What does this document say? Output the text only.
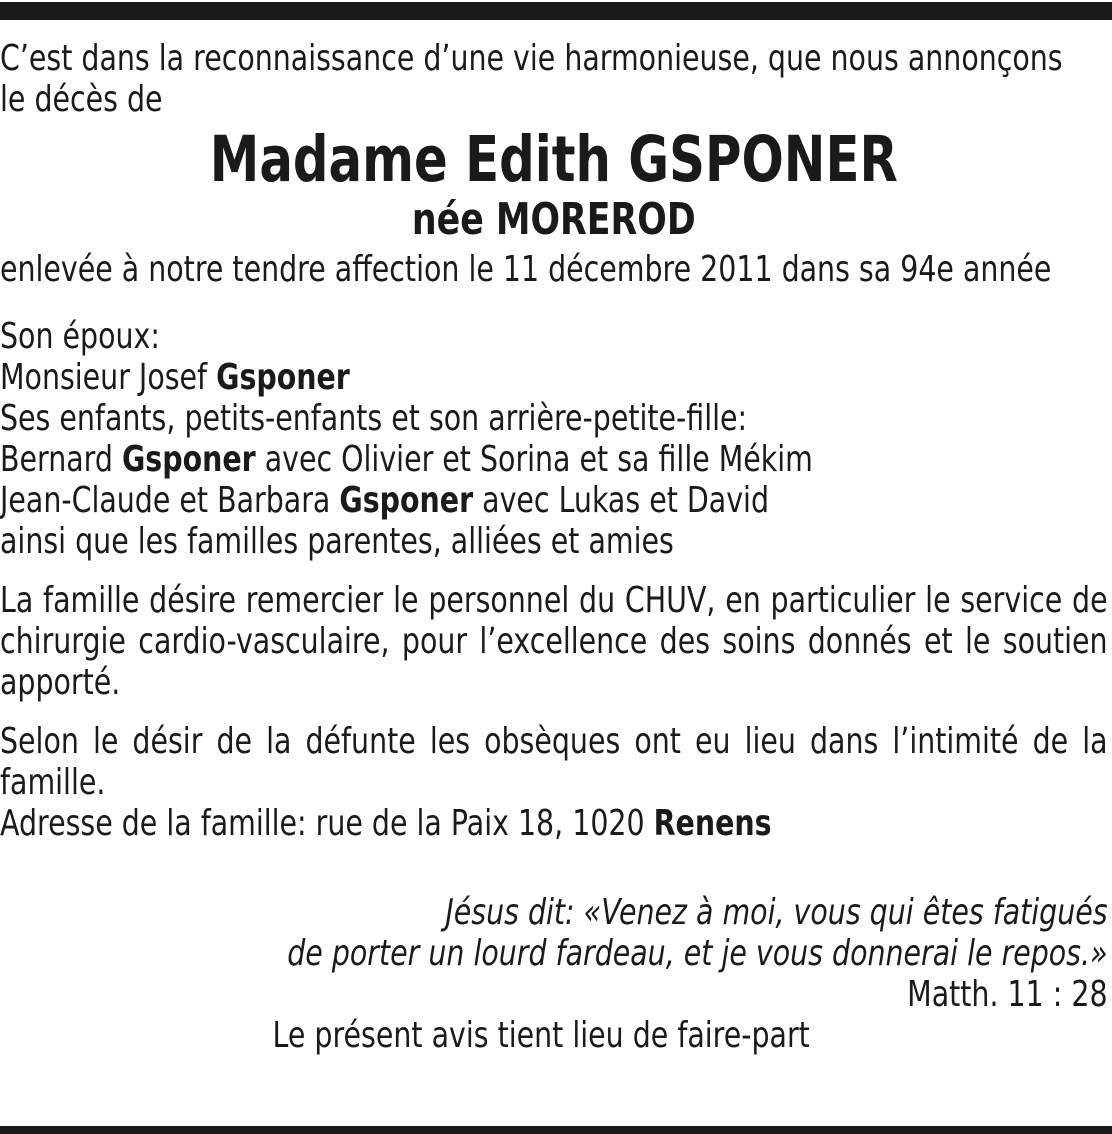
C’est dans la reconnaissance d’une vie harmonieuse, que nous annonçons
le décès de
Madame Edith GSPONER
née MOREROD
enlevée à notre tendre affection le 11 décembre 2011 dans sa 94e année
Son époux:
Monsieur Josef Gsponer
Ses enfants, petits-enfants et son arrière-petite-fille:
Bernard Gsponer avec Olivier et Sorina et sa fille Mékim
Jean-Claude et Barbara Gsponer avec Lukas et David
ainsi que les familles parentes, alliées et amies
La famille désire remercier le personnel du CHUV, en particulier le service de chirurgie cardio-vasculaire, pour l’excellence des soins donnés et le soutien apporté.
Selon le désir de la défunte les obsèques ont eu lieu dans l’intimité de la famille.
Adresse de la famille: rue de la Paix 18, 1020 Renens
Jésus dit: «Venez à moi, vous qui êtes fatigués
de porter un lourd fardeau, et je vous donnerai le repos.»
Matth. 11 : 28
Le présent avis tient lieu de faire-part
